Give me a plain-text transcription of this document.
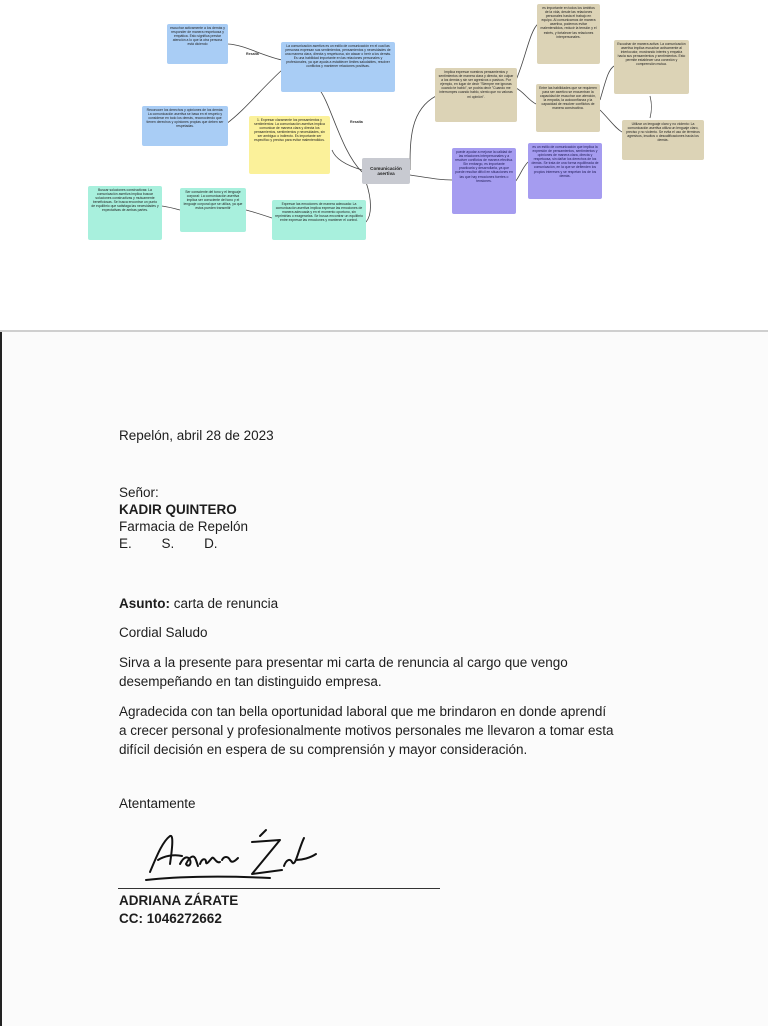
Resalta
Resalta
escuchar activamente a los demás y responder de manera respetuosa y empática. Esto significa prestar atención a lo que la otra persona está diciendo
Reconocer los derechos y opiniones de los demás: La comunicación asertiva se basa en el respeto y considerar en todo los demás, reconociendo que tienen derechos y opiniones propias que deben ser respetadas.
La comunicación asertiva es un estilo de comunicación en el cual las personas expresan sus sentimientos, pensamientos y necesidades de una manera clara, directa y respetuosa, sin atacar o herir a los demás. Es una habilidad importante en las relaciones personales y profesionales, ya que ayuda a establecer límites saludables, resolver conflictos y mantener relaciones positivas.
1. Expresar claramente los pensamientos y sentimientos: La comunicación asertiva implica comunicar de manera clara y directa los pensamientos, sentimientos y necesidades, sin ser ambiguo o indirecto. Es importante ser específico y preciso para evitar malentendidos.
Comunicación asertiva
Implica expresar nuestros pensamientos y sentimientos de manera clara y directa, sin culpar a los demás y sin ser agresivos o pasivos. Por ejemplo, en lugar de decir "Siempre me ignoras cuando te hablo", se podría decir "Cuando me interrumpes cuando hablo, siento que no valoras mi opinión".
es importante en todos los ámbitos de la vida, desde las relaciones personales hasta el trabajo en equipo. Al comunicarnos de manera asertiva, podemos evitar malentendidos, reducir la tensión y el estrés, y fortalecer las relaciones interpersonales.
Entre las habilidades que se requieren para ser asertivo se encuentran la capacidad de escuchar con atención, la empatía, la autoconfianza y la capacidad de resolver conflictos de manera constructiva.
Escuchar de manera activa: La comunicación asertiva implica escuchar activamente al interlocutor, mostrando interés y empatía hacia sus pensamientos y sentimientos. Esto permite establecer una conexión y comprensión mutua.
Utilizar un lenguaje claro y no violento: La comunicación asertiva utiliza un lenguaje claro, preciso y no violento. Se evita el uso de términos agresivos, insultos o descalificaciones hacia los demás.
puede ayudar a mejorar la calidad de las relaciones interpersonales y a resolver conflictos de manera efectiva. Sin embargo, es importante practicarla y desarrollarla, ya que puede resultar difícil en situaciones en las que hay emociones fuertes o tensiones.
es un estilo de comunicación que implica la expresión de pensamientos, sentimientos y opiniones de manera clara, directa y respetuosa, sin dañar los derechos de los demás. Se trata de una forma equilibrada de comunicación, en la que se defienden los propios intereses y se respetan los de los demás.
Expresar las emociones de manera adecuada: La comunicación asertiva implica expresar las emociones de manera adecuada y en el momento oportuno, sin reprimirlas o exagerarlas. Se busca encontrar un equilibrio entre expresar las emociones y mantener el control.
Ser consciente del tono y el lenguaje corporal: La comunicación asertiva implica ser consciente del tono y el lenguaje corporal que se utiliza, ya que estos pueden transmitir
Buscar soluciones constructivas: La comunicación asertiva implica buscar soluciones constructivas y mutuamente beneficiosas. Se busca encontrar un punto de equilibrio que satisfaga las necesidades y expectativas de ambas partes.
Repelón, abril 28 de 2023
Señor:
KADIR QUINTERO
Farmacia de Repelón
E. S. D.
Asunto: carta de renuncia
Cordial Saludo
Sirva a la presente para presentar mi carta de renuncia al cargo que vengo
desempeñando en tan distinguido empresa.
Agradecida con tan bella oportunidad laboral que me brindaron en donde aprendí
a crecer personal y profesionalmente motivos personales me llevaron a tomar esta
difícil decisión en espera de su comprensión y mayor consideración.
Atentamente
ADRIANA ZÁRATE
CC: 1046272662
